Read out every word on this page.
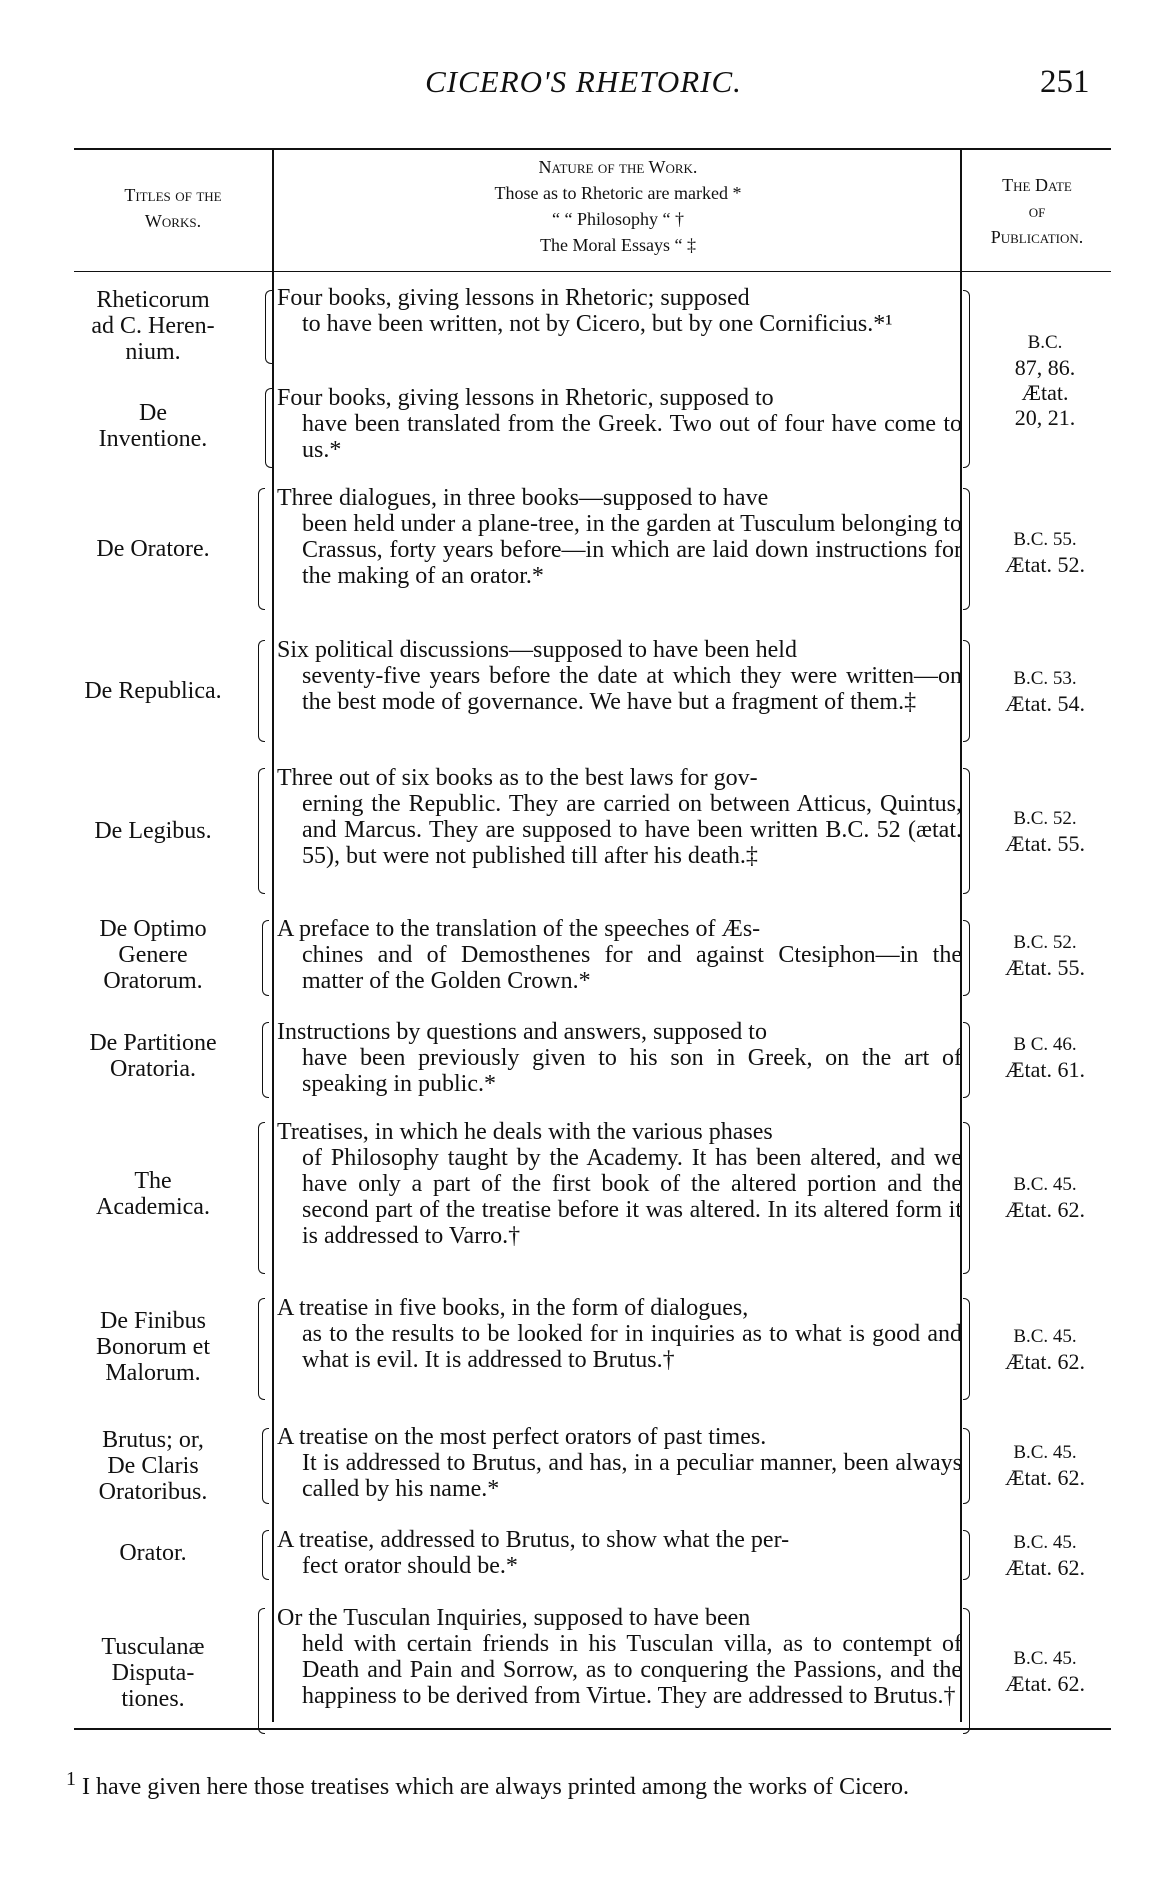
CICERO'S RHETORIC.	251
Titles of the
Works.
Nature of the Work.
Those as to Rhetoric are marked *
“ “ Philosophy “ †
The Moral Essays “ ‡
The Date
of
Publication.
Rheticorum
ad C. Heren-
nium.
Four books, giving lessons in Rhetoric; supposed
to have been written, not by Cicero, but by one Cornificius.*¹
De
Inventione.
Four books, giving lessons in Rhetoric, supposed to
have been translated from the Greek. Two out of four have come to us.*
B.C.
87, 86.
Ætat.
20, 21.
De Oratore.
Three dialogues, in three books—supposed to have
been held under a plane-tree, in the garden at Tusculum belonging to Crassus, forty years before—in which are laid down instructions for the making of an orator.*
B.C. 55.
Ætat. 52.
De Republica.
Six political discussions—supposed to have been held
seventy-five years before the date at which they were written—on the best mode of governance. We have but a fragment of them.‡
B.C. 53.
Ætat. 54.
De Legibus.
Three out of six books as to the best laws for gov-
erning the Republic. They are carried on between Atticus, Quintus, and Marcus. They are supposed to have been written B.C. 52 (ætat. 55), but were not published till after his death.‡
B.C. 52.
Ætat. 55.
De Optimo
Genere
Oratorum.
A preface to the translation of the speeches of Æs-
chines and of Demosthenes for and against Ctesiphon—in the matter of the Golden Crown.*
B.C. 52.
Ætat. 55.
De Partitione
Oratoria.
Instructions by questions and answers, supposed to
have been previously given to his son in Greek, on the art of speaking in public.*
B C. 46.
Ætat. 61.
The
Academica.
Treatises, in which he deals with the various phases
of Philosophy taught by the Academy. It has been altered, and we have only a part of the first book of the altered portion and the second part of the treatise before it was altered. In its altered form it is addressed to Varro.†
B.C. 45.
Ætat. 62.
De Finibus
Bonorum et
Malorum.
A treatise in five books, in the form of dialogues,
as to the results to be looked for in inquiries as to what is good and what is evil. It is addressed to Brutus.†
B.C. 45.
Ætat. 62.
Brutus; or,
De Claris
Oratoribus.
A treatise on the most perfect orators of past times.
It is addressed to Brutus, and has, in a peculiar manner, been always called by his name.*
B.C. 45.
Ætat. 62.
Orator.	A treatise, addressed to Brutus, to show what the per-
fect orator should be.*
B.C. 45.
Ætat. 62.
Tusculanæ
Disputa-
tiones.
Or the Tusculan Inquiries, supposed to have been
held with certain friends in his Tusculan villa, as to contempt of Death and Pain and Sorrow, as to conquering the Passions, and the happiness to be derived from Virtue. They are addressed to Brutus.†
B.C. 45.
Ætat. 62.
$^1$ I have given here those treatises which are always printed among the works of Cicero.
